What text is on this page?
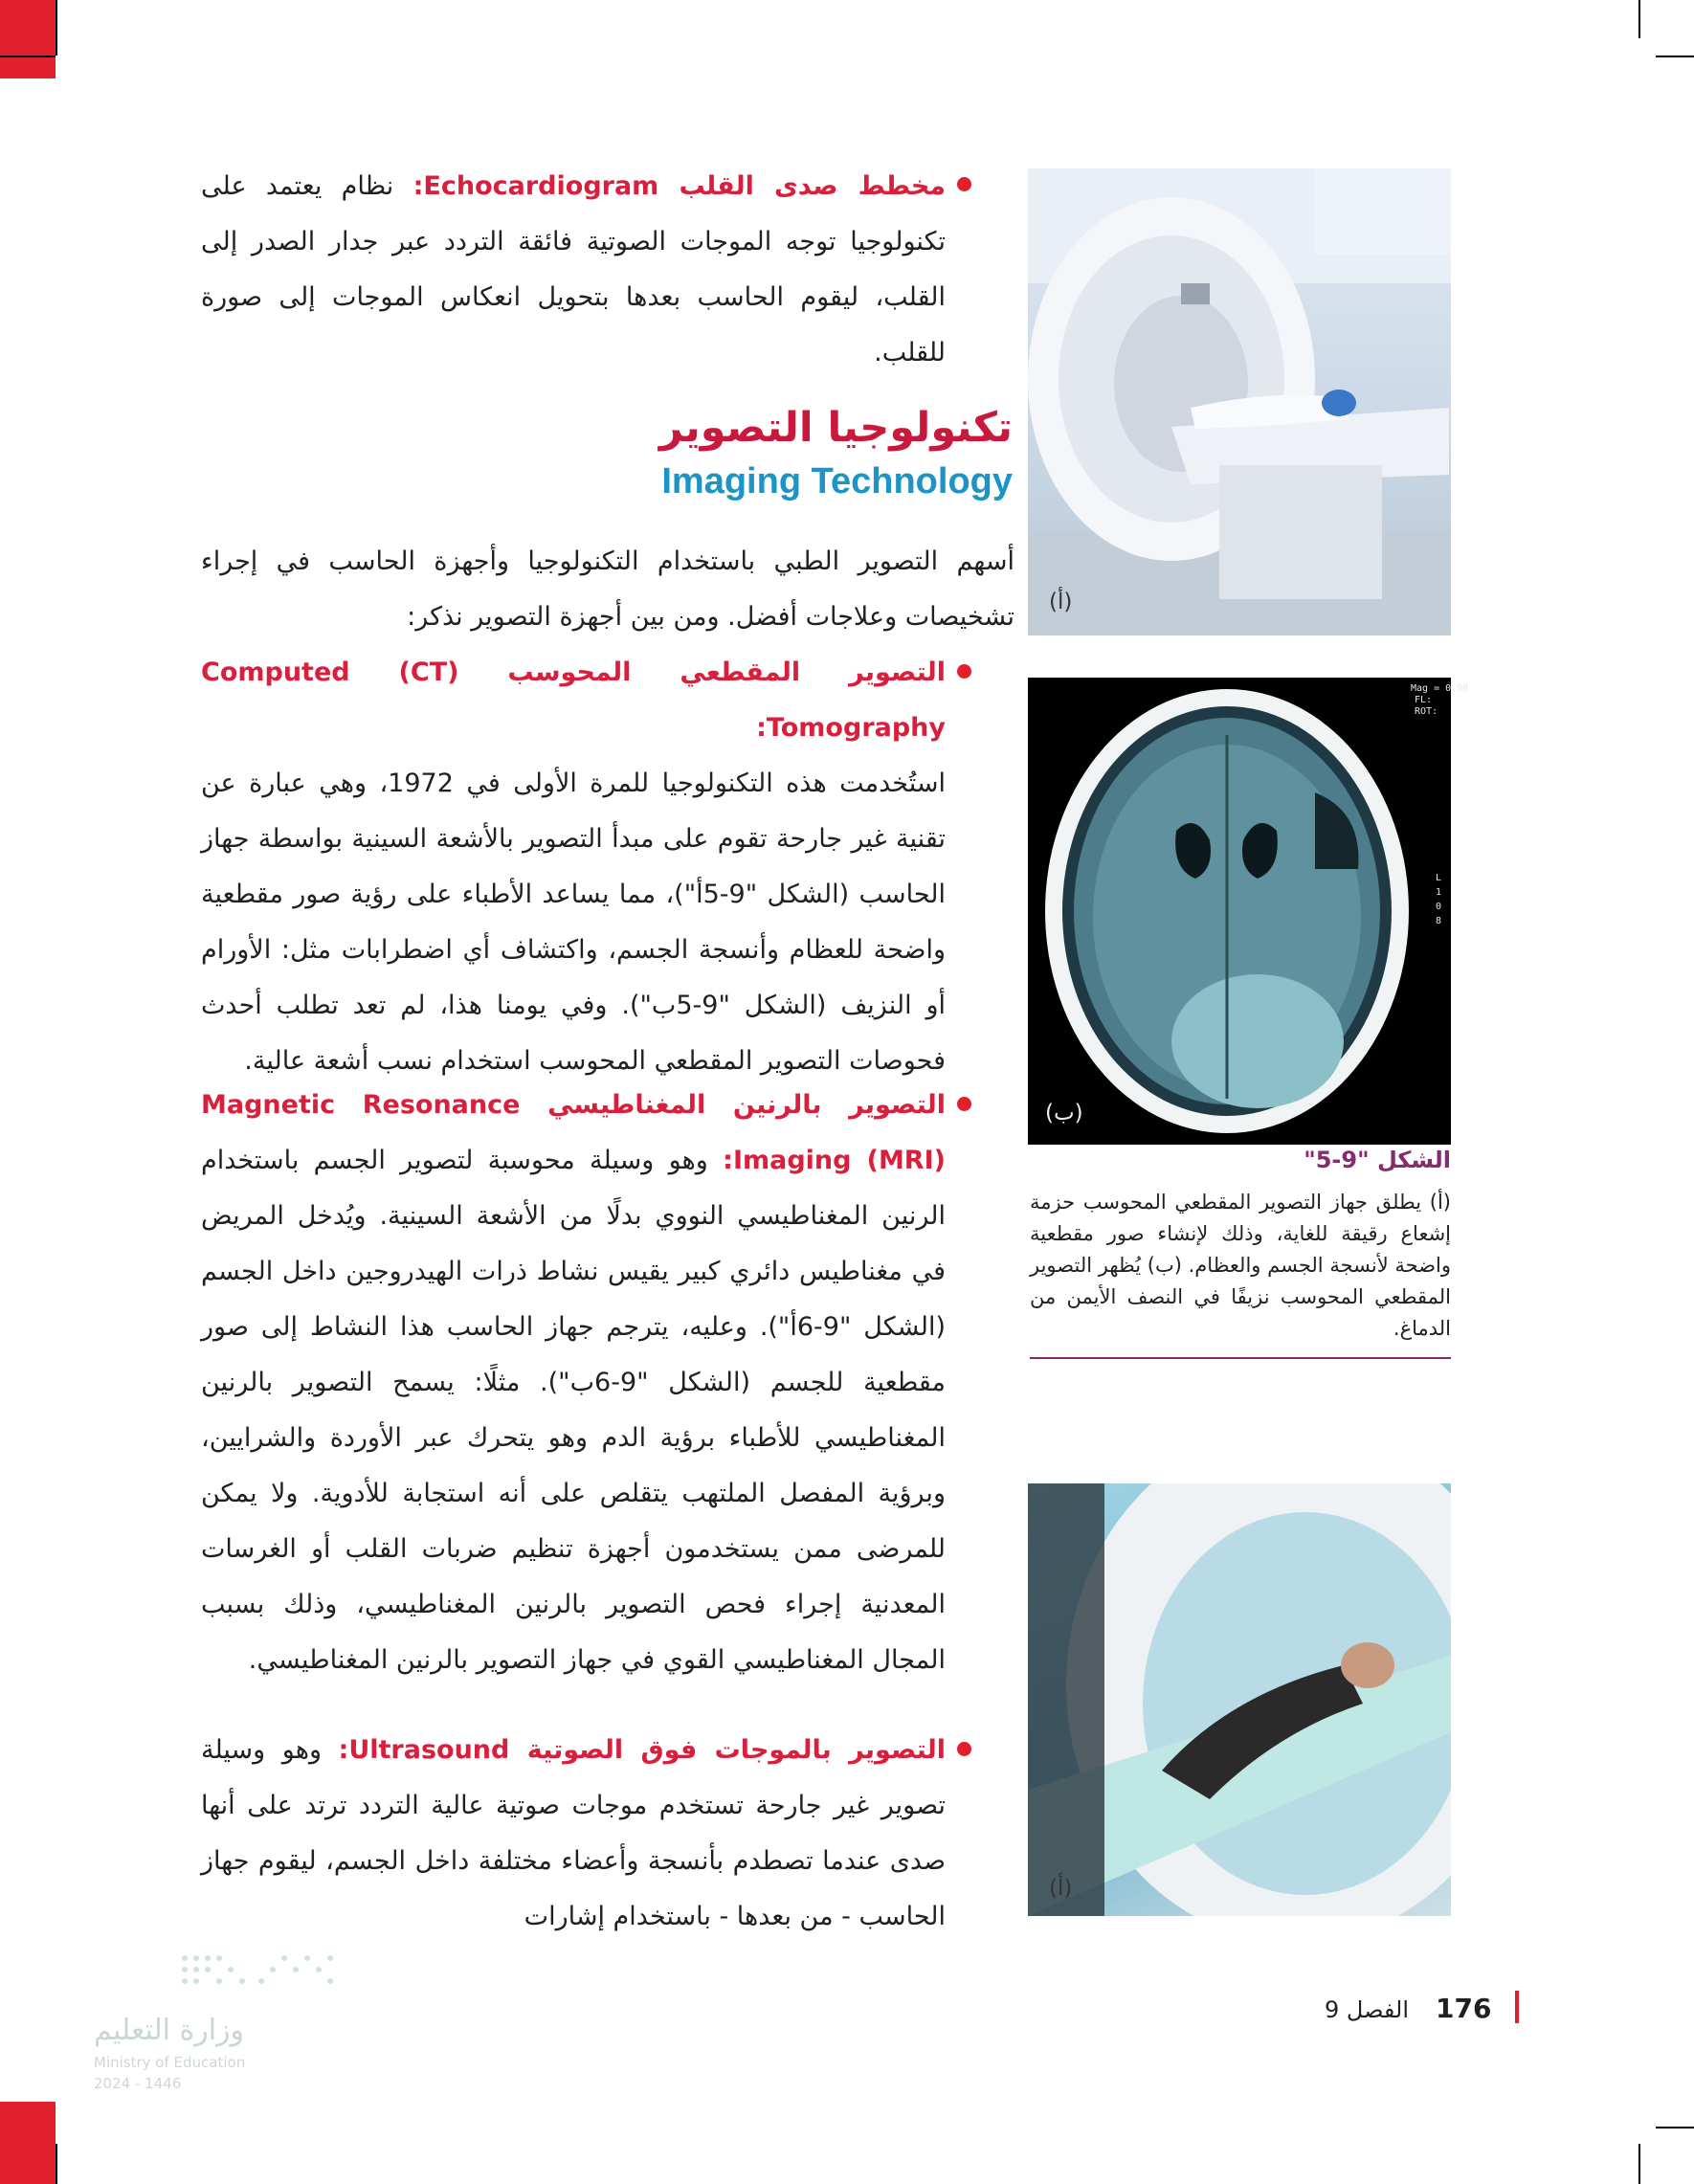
مخطط صدى القلب Echocardiogram: نظام يعتمد على تكنولوجيا توجه الموجات الصوتية فائقة التردد عبر جدار الصدر إلى القلب، ليقوم الحاسب بعدها بتحويل انعكاس الموجات إلى صورة للقلب.

تكنولوجيا التصوير
Imaging Technology

أسهم التصوير الطبي باستخدام التكنولوجيا وأجهزة الحاسب في إجراء تشخيصات وعلاجات أفضل. ومن بين أجهزة التصوير نذكر:

التصوير المقطعي المحوسب (CT) Computed Tomography:
استُخدمت هذه التكنولوجيا للمرة الأولى في 1972، وهي عبارة عن تقنية غير جارحة تقوم على مبدأ التصوير بالأشعة السينية بواسطة جهاز الحاسب (الشكل "9-5أ")، مما يساعد الأطباء على رؤية صور مقطعية واضحة للعظام وأنسجة الجسم، واكتشاف أي اضطرابات مثل: الأورام أو النزيف (الشكل "9-5ب"). وفي يومنا هذا، لم تعد تطلب أحدث فحوصات التصوير المقطعي المحوسب استخدام نسب أشعة عالية.

التصوير بالرنين المغناطيسي Magnetic Resonance Imaging (MRI): وهو وسيلة محوسبة لتصوير الجسم باستخدام الرنين المغناطيسي النووي بدلًا من الأشعة السينية. ويُدخل المريض في مغناطيس دائري كبير يقيس نشاط ذرات الهيدروجين داخل الجسم (الشكل "9-6أ"). وعليه، يترجم جهاز الحاسب هذا النشاط إلى صور مقطعية للجسم (الشكل "9-6ب"). مثلًا: يسمح التصوير بالرنين المغناطيسي للأطباء برؤية الدم وهو يتحرك عبر الأوردة والشرايين، وبرؤية المفصل الملتهب يتقلص على أنه استجابة للأدوية. ولا يمكن للمرضى ممن يستخدمون أجهزة تنظيم ضربات القلب أو الغرسات المعدنية إجراء فحص التصوير بالرنين المغناطيسي، وذلك بسبب المجال المغناطيسي القوي في جهاز التصوير بالرنين المغناطيسي.

التصوير بالموجات فوق الصوتية Ultrasound: وهو وسيلة تصوير غير جارحة تستخدم موجات صوتية عالية التردد ترتد على أنها صدى عندما تصطدم بأنسجة وأعضاء مختلفة داخل الجسم، ليقوم جهاز الحاسب - من بعدها - باستخدام إشارات

(أ)
Mag = 0.98
FL:
ROT:
L
1
0
8
(ب)
الشكل "9-5"
(أ) يطلق جهاز التصوير المقطعي المحوسب حزمة إشعاع رقيقة للغاية، وذلك لإنشاء صور مقطعية واضحة لأنسجة الجسم والعظام. (ب) يُظهر التصوير المقطعي المحوسب نزيفًا في النصف الأيمن من الدماغ.
(أ)
176
الفصل 9
وزارة التعليم
Ministry of Education
2024 - 1446
